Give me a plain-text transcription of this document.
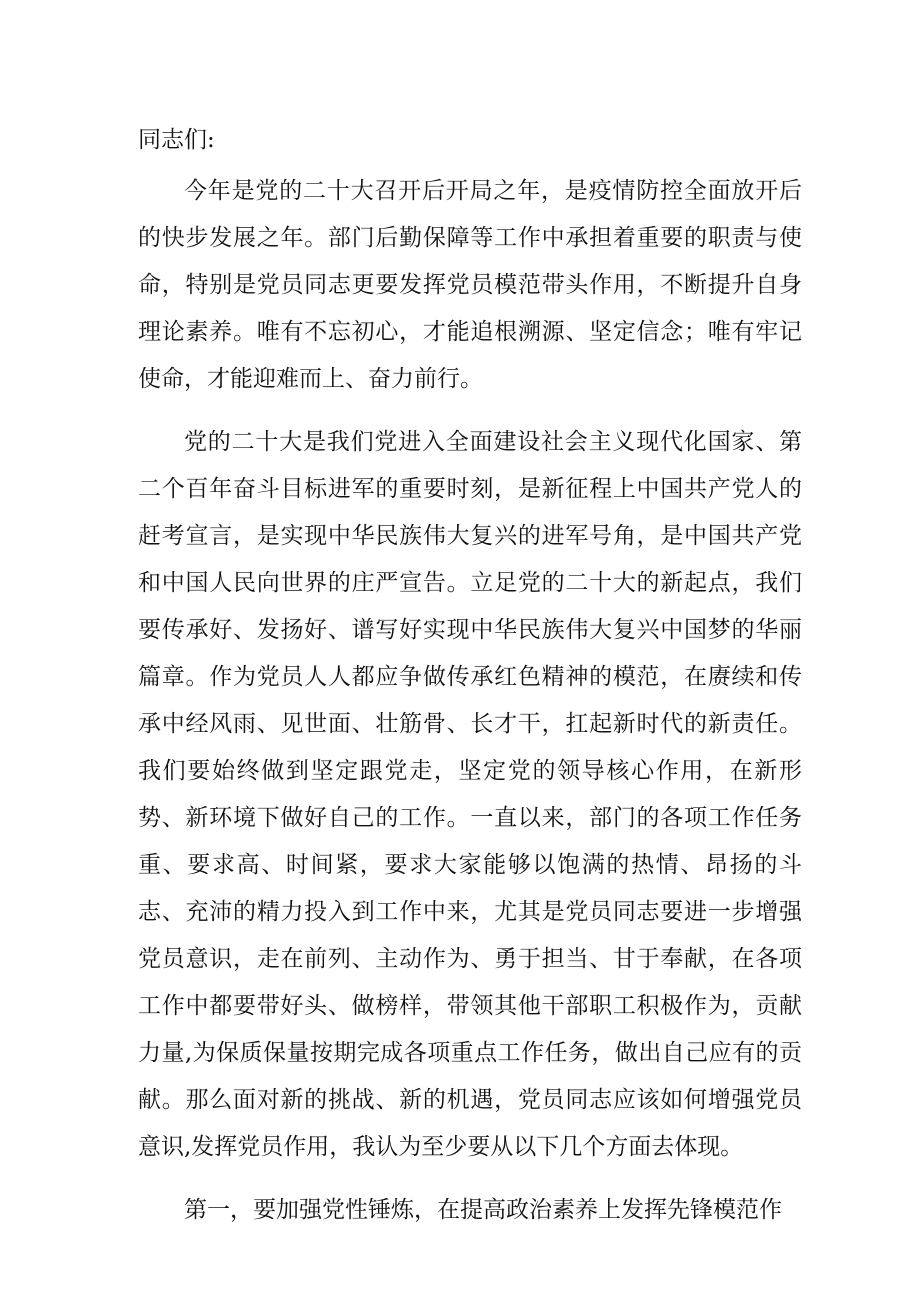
同志们:

今年是党的二十大召开后开局之年，是疫情防控全面放开后的快步发展之年。部门后勤保障等工作中承担着重要的职责与使命，特别是党员同志更要发挥党员模范带头作用，不断提升自身理论素养。唯有不忘初心，才能追根溯源、坚定信念；唯有牢记使命，才能迎难而上、奋力前行。

党的二十大是我们党进入全面建设社会主义现代化国家、第二个百年奋斗目标进军的重要时刻，是新征程上中国共产党人的赶考宣言，是实现中华民族伟大复兴的进军号角，是中国共产党和中国人民向世界的庄严宣告。立足党的二十大的新起点，我们要传承好、发扬好、谱写好实现中华民族伟大复兴中国梦的华丽篇章。作为党员人人都应争做传承红色精神的模范，在赓续和传承中经风雨、见世面、壮筋骨、长才干，扛起新时代的新责任。我们要始终做到坚定跟党走，坚定党的领导核心作用，在新形势、新环境下做好自己的工作。一直以来，部门的各项工作任务重、要求高、时间紧，要求大家能够以饱满的热情、昂扬的斗志、充沛的精力投入到工作中来，尤其是党员同志要进一步增强党员意识，走在前列、主动作为、勇于担当、甘于奉献，在各项工作中都要带好头、做榜样，带领其他干部职工积极作为，贡献力量,为保质保量按期完成各项重点工作任务，做出自己应有的贡献。那么面对新的挑战、新的机遇，党员同志应该如何增强党员意识,发挥党员作用，我认为至少要从以下几个方面去体现。

第一，要加强党性锤炼，在提高政治素养上发挥先锋模范作
